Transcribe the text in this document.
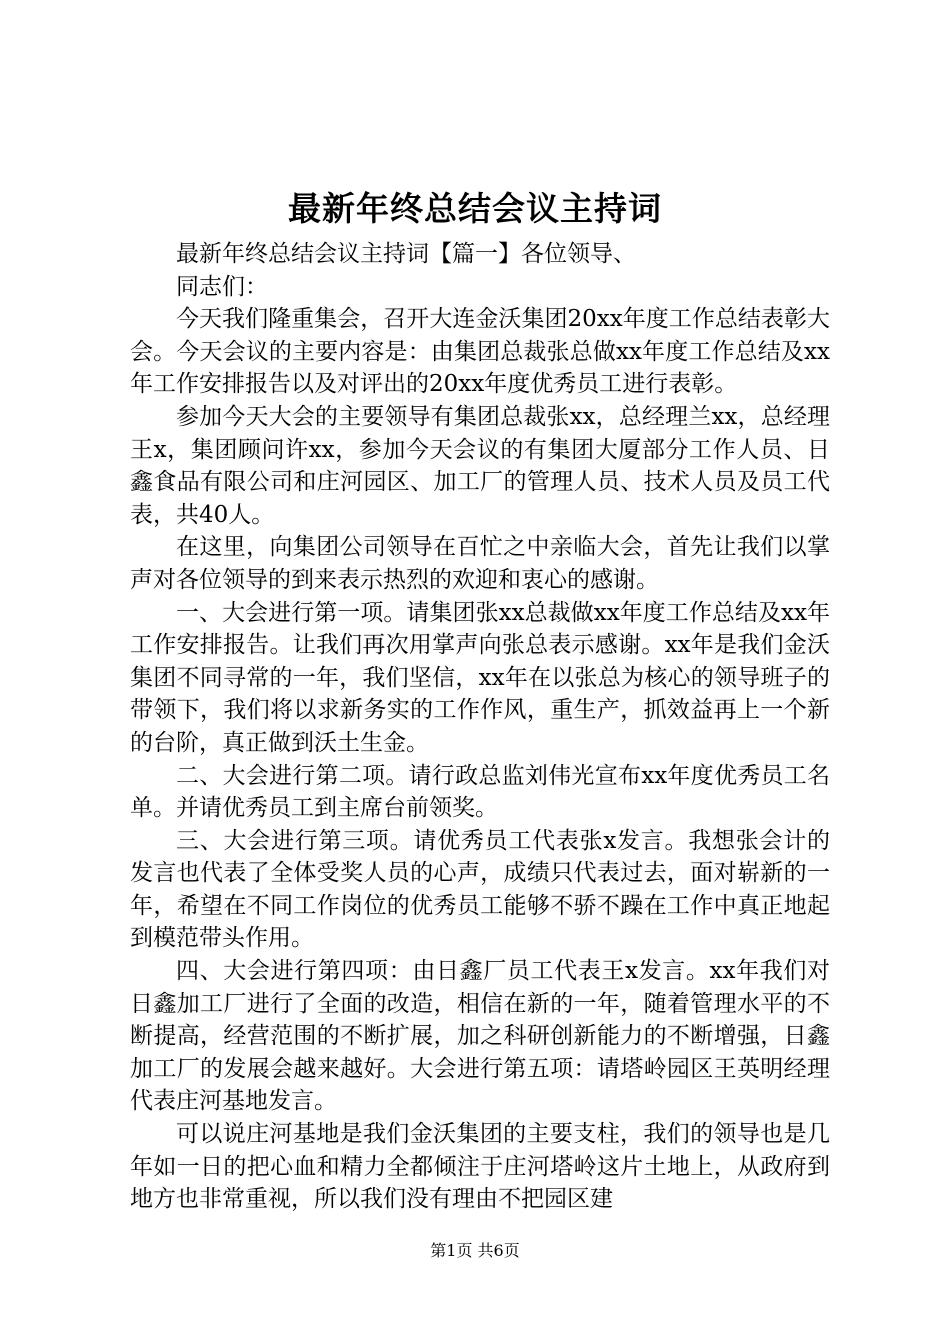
最新年终总结会议主持词

最新年终总结会议主持词【篇一】各位领导、

同志们：

今天我们隆重集会，召开大连金沃集团20xx年度工作总结表彰大会。今天会议的主要内容是：由集团总裁张总做xx年度工作总结及xx年工作安排报告以及对评出的20xx年度优秀员工进行表彰。

参加今天大会的主要领导有集团总裁张xx，总经理兰xx，总经理王x，集团顾问许xx，参加今天会议的有集团大厦部分工作人员、日鑫食品有限公司和庄河园区、加工厂的管理人员、技术人员及员工代表，共40人。

在这里，向集团公司领导在百忙之中亲临大会，首先让我们以掌声对各位领导的到来表示热烈的欢迎和衷心的感谢。

一、大会进行第一项。请集团张xx总裁做xx年度工作总结及xx年工作安排报告。让我们再次用掌声向张总表示感谢。xx年是我们金沃集团不同寻常的一年，我们坚信，xx年在以张总为核心的领导班子的带领下，我们将以求新务实的工作作风，重生产，抓效益再上一个新的台阶，真正做到沃土生金。

二、大会进行第二项。请行政总监刘伟光宣布xx年度优秀员工名单。并请优秀员工到主席台前领奖。

三、大会进行第三项。请优秀员工代表张x发言。我想张会计的发言也代表了全体受奖人员的心声，成绩只代表过去，面对崭新的一年，希望在不同工作岗位的优秀员工能够不骄不躁在工作中真正地起到模范带头作用。

四、大会进行第四项：由日鑫厂员工代表王x发言。xx年我们对日鑫加工厂进行了全面的改造，相信在新的一年，随着管理水平的不断提高，经营范围的不断扩展，加之科研创新能力的不断增强，日鑫加工厂的发展会越来越好。大会进行第五项：请塔岭园区王英明经理代表庄河基地发言。

可以说庄河基地是我们金沃集团的主要支柱，我们的领导也是几年如一日的把心血和精力全都倾注于庄河塔岭这片土地上，从政府到地方也非常重视，所以我们没有理由不把园区建

第1页 共6页
